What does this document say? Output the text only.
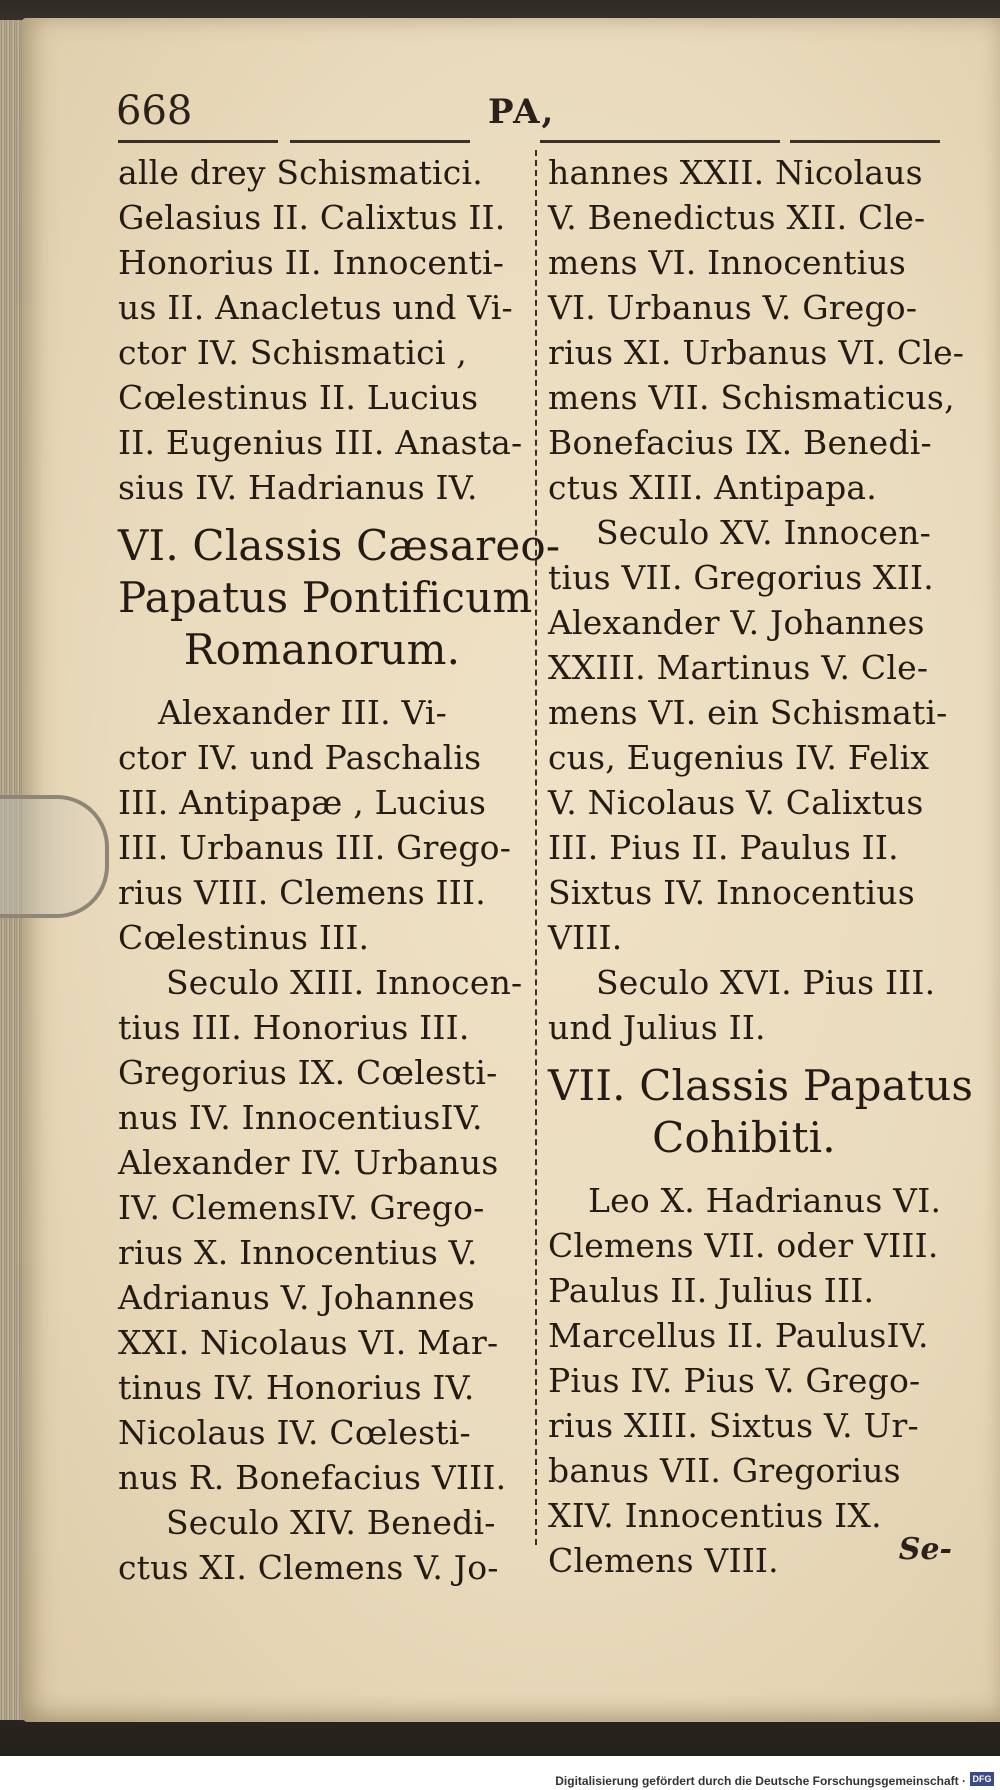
668	PA,

alle drey Schismatici.

Gelasius II. Calixtus II.

Honorius II. Innocenti-

us II. Anacletus und Vi-

ctor IV. Schismatici ,

Cœlestinus II. Lucius

II. Eugenius III. Anasta-

sius IV. Hadrianus IV.

VI. Classis Cæsareo-

Papatus Pontificum

Romanorum.

Alexander III. Vi-

ctor IV. und Paschalis

III. Antipapæ , Lucius

III. Urbanus III. Grego-

rius VIII. Clemens III.

Cœlestinus III.

Seculo XIII. Innocen-

tius III. Honorius III.

Gregorius IX. Cœlesti-

nus IV. InnocentiusIV.

Alexander IV. Urbanus

IV. ClemensIV. Grego-

rius X. Innocentius V.

Adrianus V. Johannes

XXI. Nicolaus VI. Mar-

tinus IV. Honorius IV.

Nicolaus IV. Cœlesti-

nus R. Bonefacius VIII.

Seculo XIV. Benedi-

ctus XI. Clemens V. Jo-

hannes XXII. Nicolaus

V. Benedictus XII. Cle-

mens VI. Innocentius

VI. Urbanus V. Grego-

rius XI. Urbanus VI. Cle-

mens VII. Schismaticus,

Bonefacius IX. Benedi-

ctus XIII. Antipapa.

Seculo XV. Innocen-

tius VII. Gregorius XII.

Alexander V. Johannes

XXIII. Martinus V. Cle-

mens VI. ein Schismati-

cus, Eugenius IV. Felix

V. Nicolaus V. Calixtus

III. Pius II. Paulus II.

Sixtus IV. Innocentius

VIII.

Seculo XVI. Pius III.

und Julius II.

VII. Classis Papatus

Cohibiti.

Leo X. Hadrianus VI.

Clemens VII. oder VIII.

Paulus II. Julius III.

Marcellus II. PaulusIV.

Pius IV. Pius V. Grego-

rius XIII. Sixtus V. Ur-

banus VII. Gregorius

XIV. Innocentius IX.

Clemens VIII.	Se-
Digitalisierung gefördert durch die Deutsche Forschungsgemeinschaft · DFG
